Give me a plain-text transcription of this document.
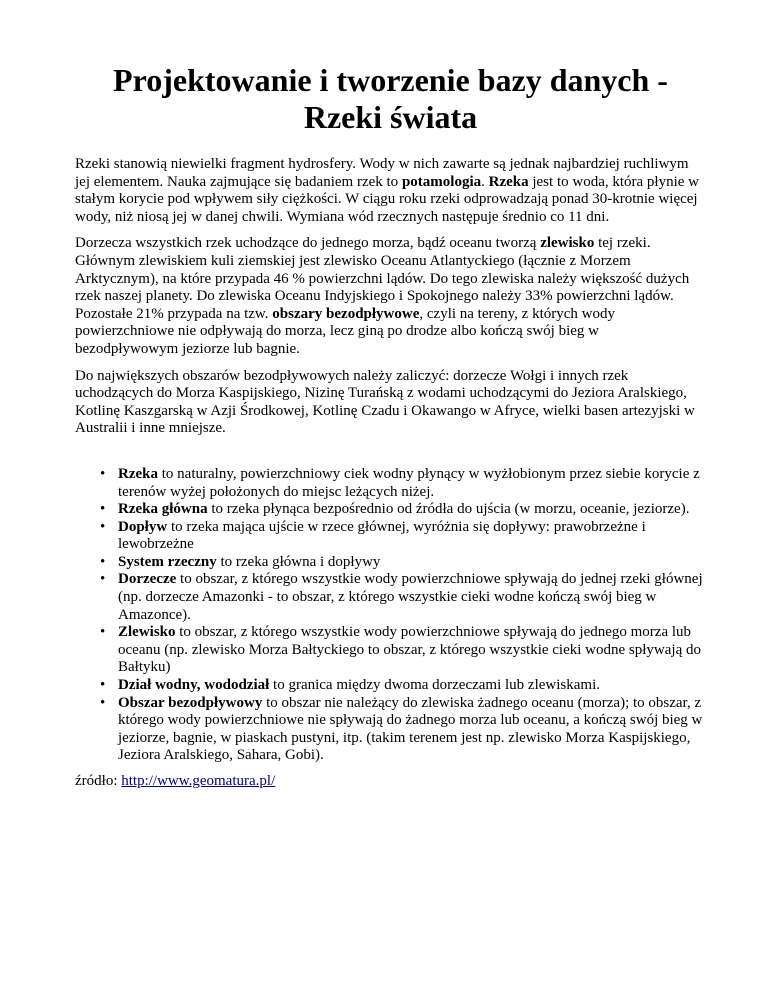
Projektowanie i tworzenie bazy danych -
Rzeki świata

Rzeki stanowią niewielki fragment hydrosfery. Wody w nich zawarte są jednak najbardziej ruchliwym jej elementem. Nauka zajmujące się badaniem rzek to potamologia. Rzeka jest to woda, która płynie w stałym korycie pod wpływem siły ciężkości. W ciągu roku rzeki odprowadzają ponad 30-krotnie więcej wody, niż niosą jej w danej chwili. Wymiana wód rzecznych następuje średnio co 11 dni.

Dorzecza wszystkich rzek uchodzące do jednego morza, bądź oceanu tworzą zlewisko tej rzeki. Głównym zlewiskiem kuli ziemskiej jest zlewisko Oceanu Atlantyckiego (łącznie z Morzem Arktycznym), na które przypada 46 % powierzchni lądów. Do tego zlewiska należy większość dużych rzek naszej planety. Do zlewiska Oceanu Indyjskiego i Spokojnego należy 33% powierzchni lądów. Pozostałe 21% przypada na tzw. obszary bezodpływowe, czyli na tereny, z których wody powierzchniowe nie odpływają do morza, lecz giną po drodze albo kończą swój bieg w bezodpływowym jeziorze lub bagnie.

Do największych obszarów bezodpływowych należy zaliczyć: dorzecze Wołgi i innych rzek uchodzących do Morza Kaspijskiego, Nizinę Turańską z wodami uchodzącymi do Jeziora Aralskiego, Kotlinę Kaszgarską w Azji Środkowej, Kotlinę Czadu i Okawango w Afryce, wielki basen artezyjski w Australii i inne mniejsze.

• Rzeka to naturalny, powierzchniowy ciek wodny płynący w wyżłobionym przez siebie korycie z terenów wyżej położonych do miejsc leżących niżej.
• Rzeka główna to rzeka płynąca bezpośrednio od źródła do ujścia (w morzu, oceanie, jeziorze).
• Dopływ to rzeka mająca ujście w rzece głównej, wyróżnia się dopływy: prawobrzeżne i lewobrzeżne
• System rzeczny to rzeka główna i dopływy
• Dorzecze to obszar, z którego wszystkie wody powierzchniowe spływają do jednej rzeki głównej (np. dorzecze Amazonki - to obszar, z którego wszystkie cieki wodne kończą swój bieg w Amazonce).
• Zlewisko to obszar, z którego wszystkie wody powierzchniowe spływają do jednego morza lub oceanu (np. zlewisko Morza Bałtyckiego to obszar, z którego wszystkie cieki wodne spływają do Bałtyku)
• Dział wodny, wododział to granica między dwoma dorzeczami lub zlewiskami.
• Obszar bezodpływowy to obszar nie należący do zlewiska żadnego oceanu (morza); to obszar, z którego wody powierzchniowe nie spływają do żadnego morza lub oceanu, a kończą swój bieg w jeziorze, bagnie, w piaskach pustyni, itp. (takim terenem jest np. zlewisko Morza Kaspijskiego, Jeziora Aralskiego, Sahara, Gobi).

źródło: http://www.geomatura.pl/
